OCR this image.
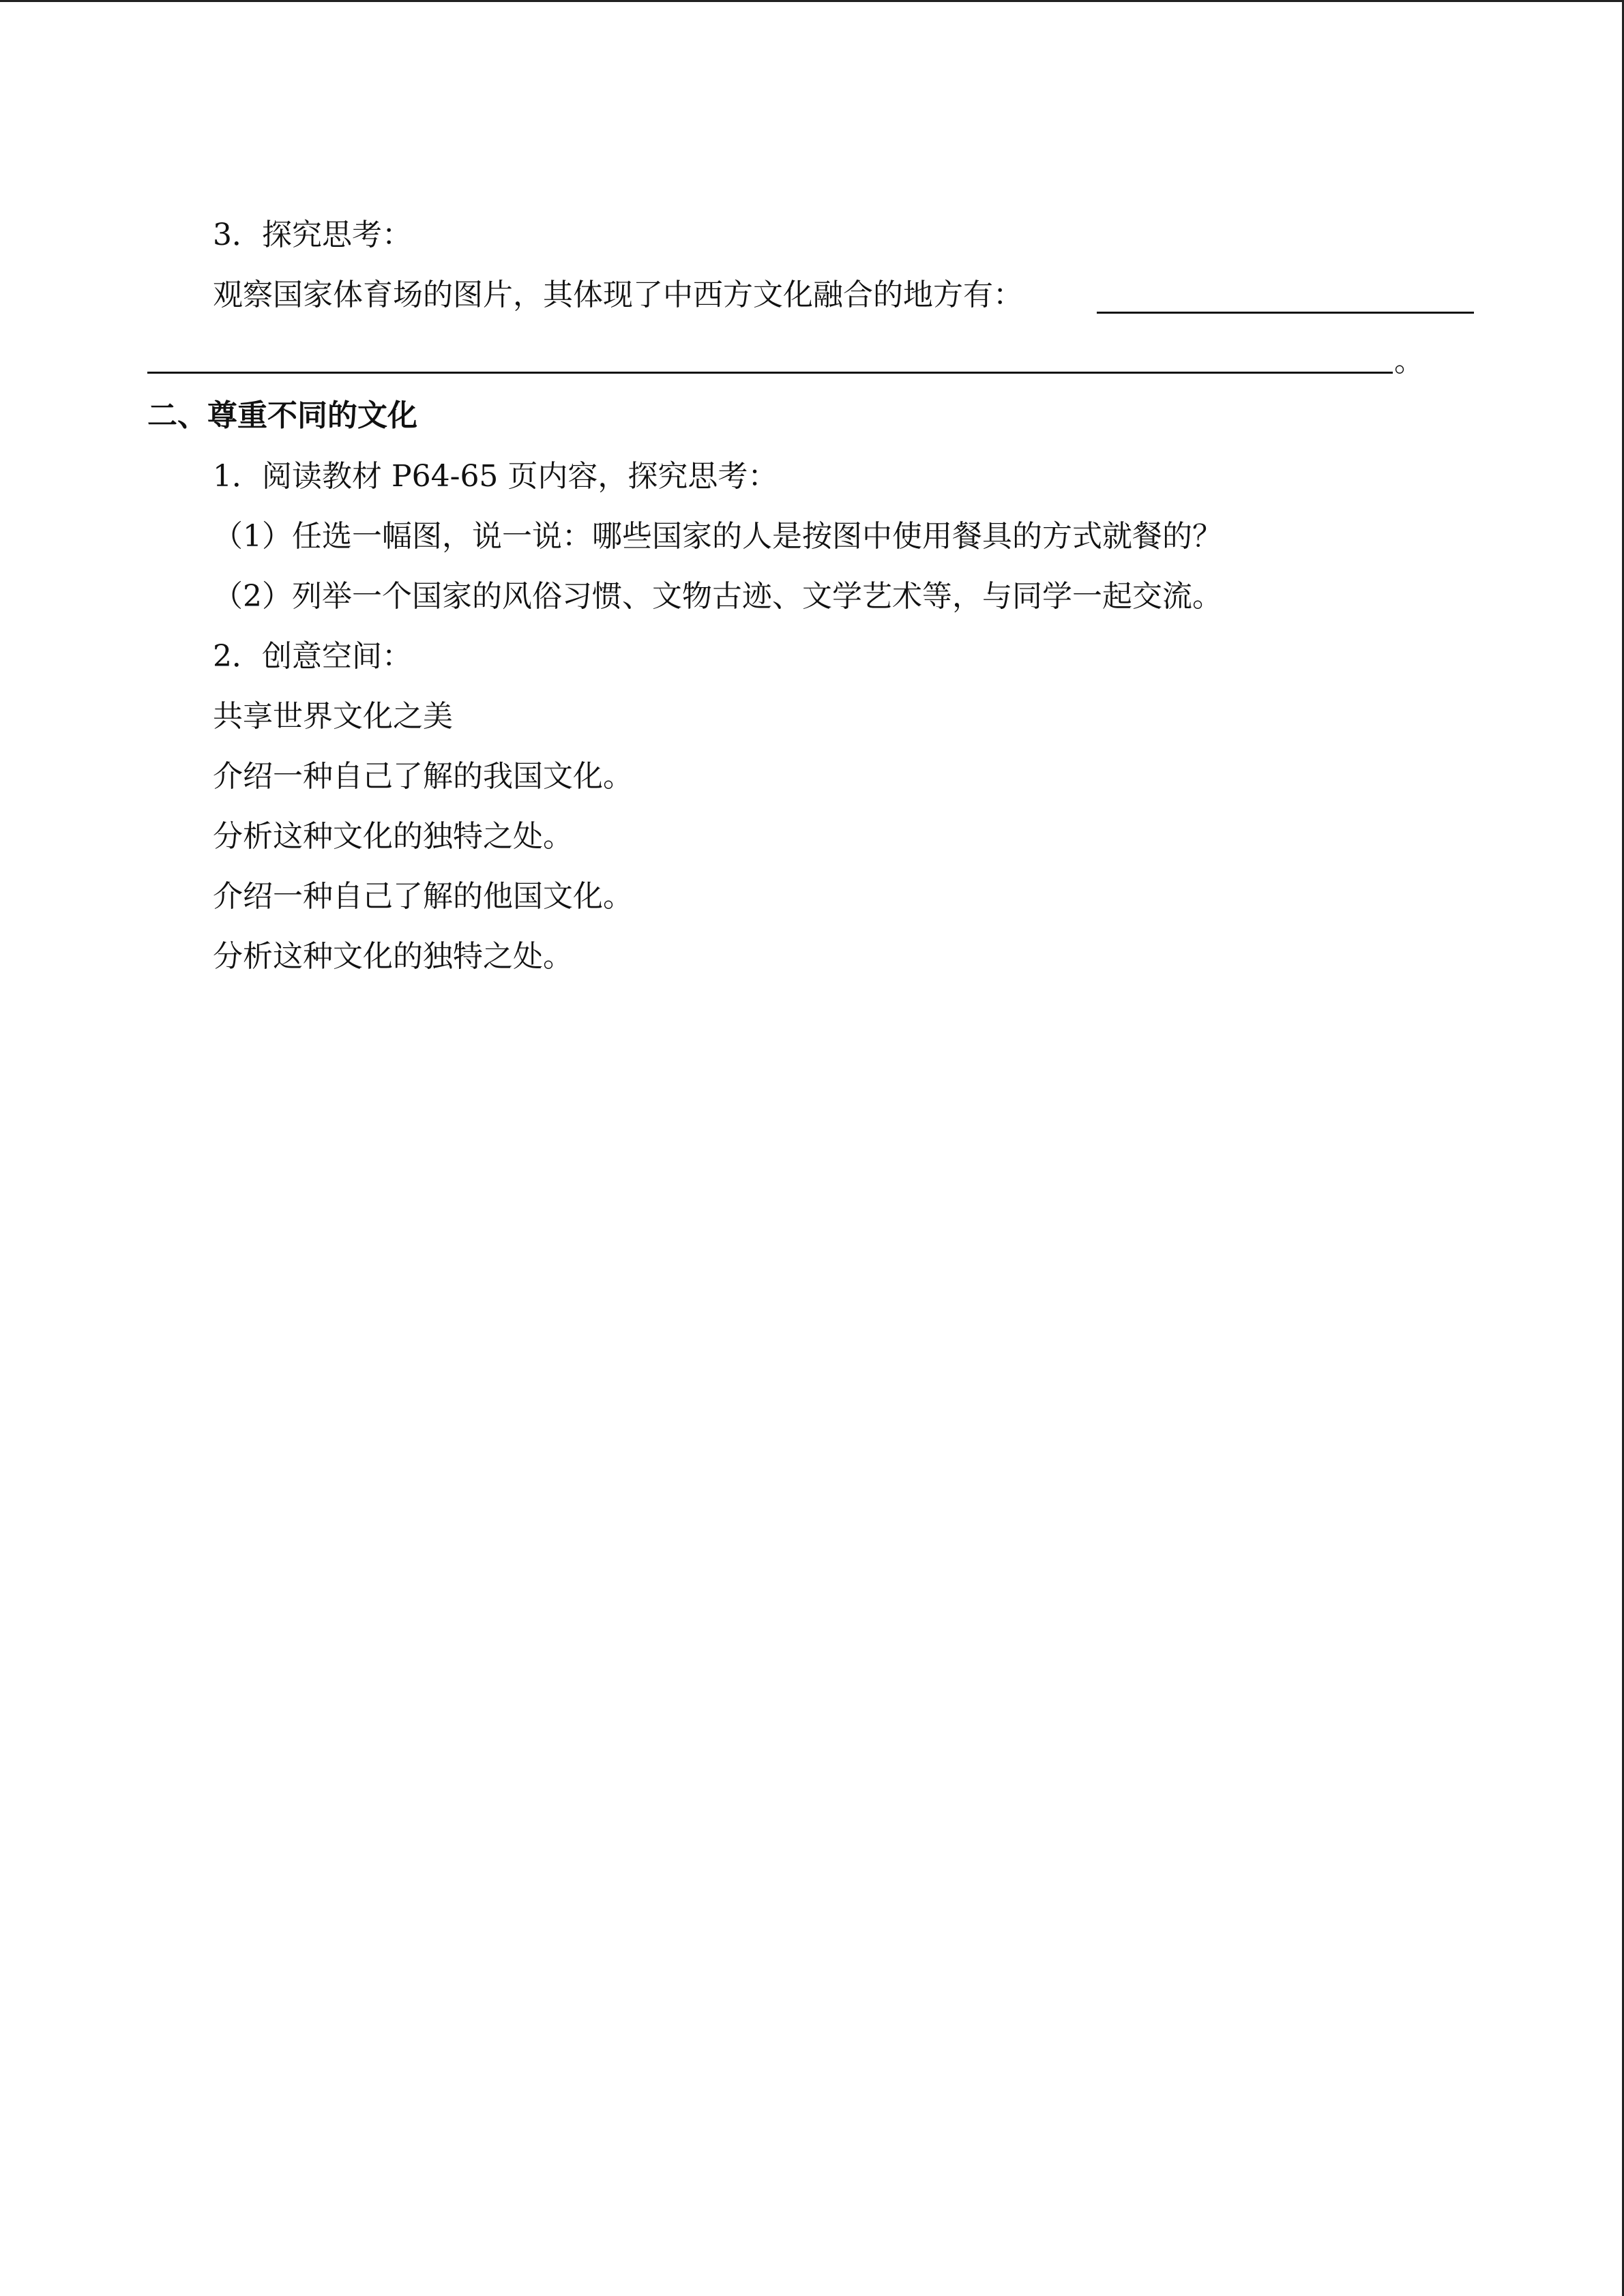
3．探究思考：
观察国家体育场的图片，其体现了中西方文化融合的地方有：
。
二、尊重不同的文化
1．阅读教材 P64-65 页内容，探究思考：
（1）任选一幅图，说一说：哪些国家的人是按图中使用餐具的方式就餐的？
（2）列举一个国家的风俗习惯、文物古迹、文学艺术等，与同学一起交流。
2．创意空间：
共享世界文化之美
介绍一种自己了解的我国文化。
分析这种文化的独特之处。
介绍一种自己了解的他国文化。
分析这种文化的独特之处。
